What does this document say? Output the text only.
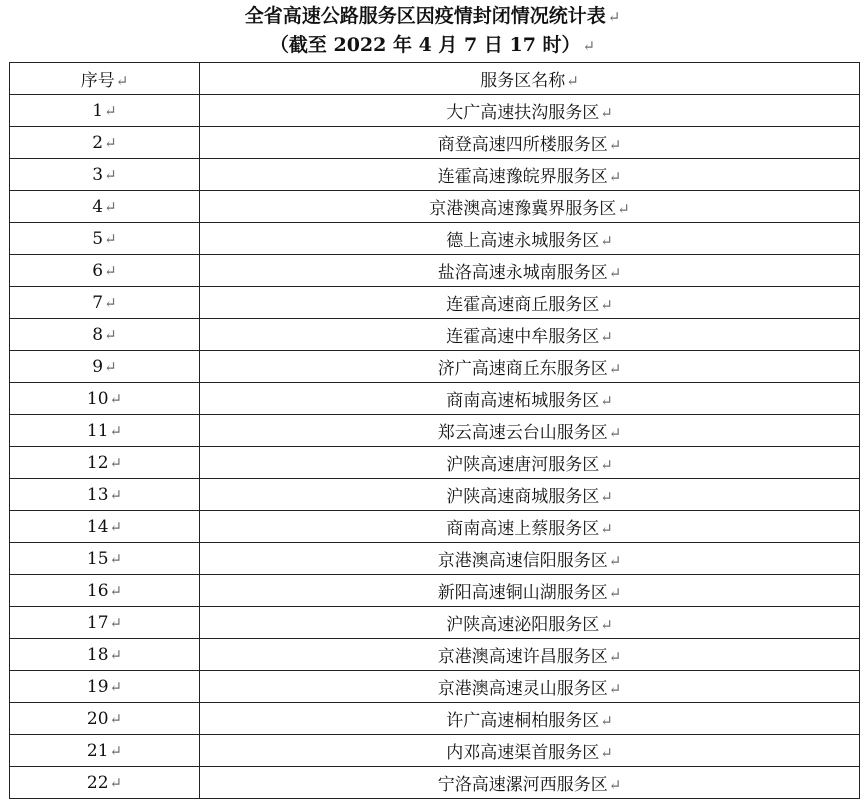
全省高速公路服务区因疫情封闭情况统计表 ↵
（截至 2022 年 4 月 7 日 17 时） ↵
序号↵	服务区名称↵
1↵	大广高速扶沟服务区↵
2↵	商登高速四所楼服务区↵
3↵	连霍高速豫皖界服务区↵
4↵	京港澳高速豫冀界服务区↵
5↵	德上高速永城服务区↵
6↵	盐洛高速永城南服务区↵
7↵	连霍高速商丘服务区↵
8↵	连霍高速中牟服务区↵
9↵	济广高速商丘东服务区↵
10↵	商南高速柘城服务区↵
11↵	郑云高速云台山服务区↵
12↵	沪陕高速唐河服务区↵
13↵	沪陕高速商城服务区↵
14↵	商南高速上蔡服务区↵
15↵	京港澳高速信阳服务区↵
16↵	新阳高速铜山湖服务区↵
17↵	沪陕高速泌阳服务区↵
18↵	京港澳高速许昌服务区↵
19↵	京港澳高速灵山服务区↵
20↵	许广高速桐柏服务区↵
21↵	内邓高速渠首服务区↵
22↵	宁洛高速漯河西服务区↵
